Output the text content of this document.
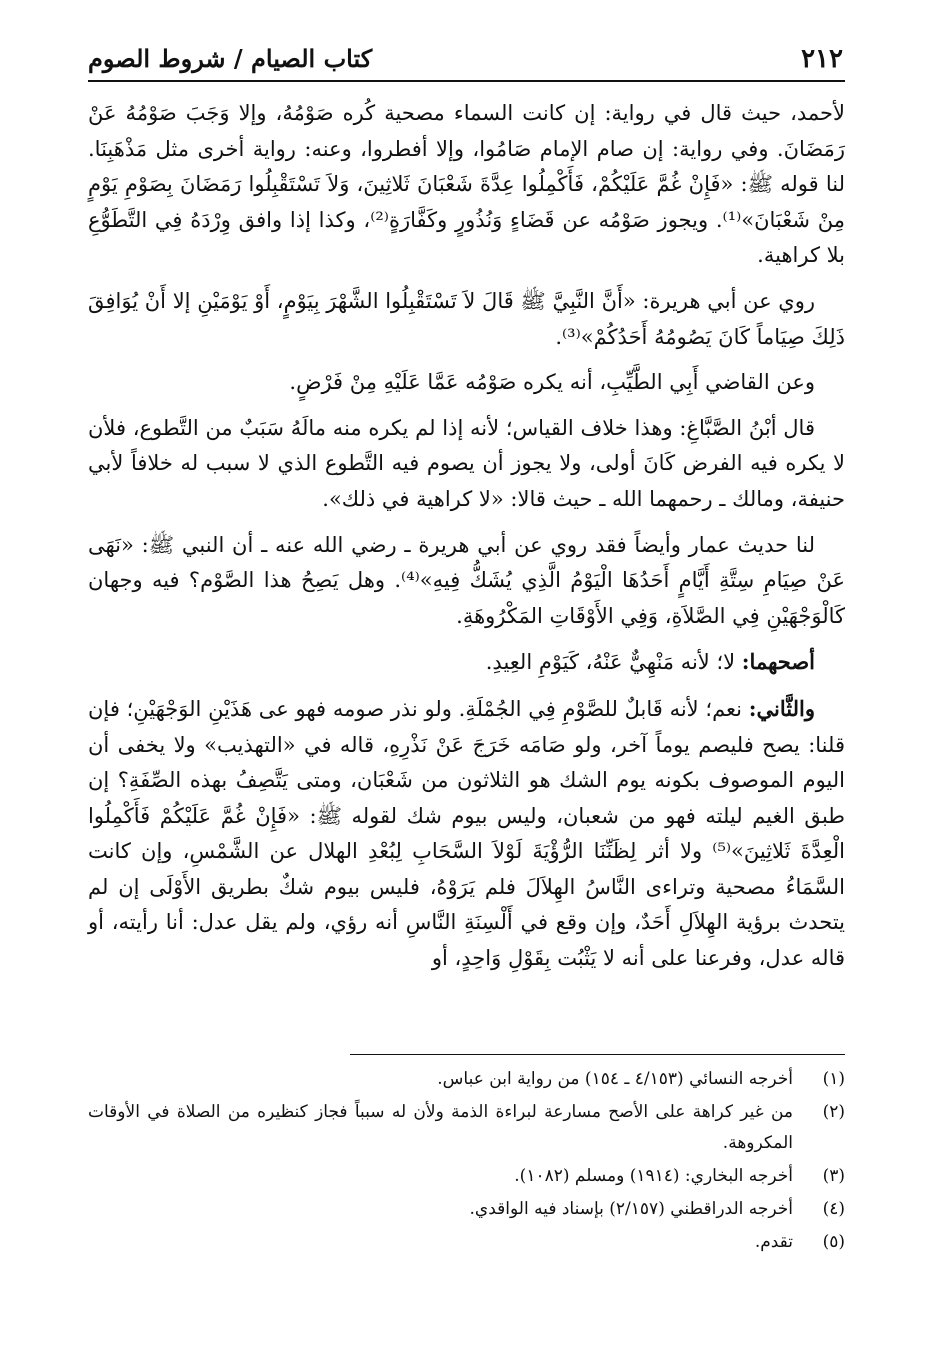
٢١٢
كتاب الصيام / شروط الصوم

لأحمد، حيث قال في رواية: إن كانت السماء مصحية كُره صَوْمُهُ، وإلا وَجَبَ صَوْمُهُ عَنْ رَمَضَانَ. وفي رواية: إن صام الإمام صَامُوا، وإلا أفطروا، وعنه: رواية أخرى مثل مَذْهَبِنَا. لنا قوله ﷺ: «فَإِنْ غُمَّ عَلَيْكُمْ، فَأَكْمِلُوا عِدَّةَ شَعْبَانَ ثَلاثِينَ، وَلاَ تَسْتَقْبِلُوا رَمَضَانَ بِصَوْمِ يَوْمٍ مِنْ شَعْبَانَ»⁽¹⁾. ويجوز صَوْمُه عن قَضَاءٍ وَنُذُورٍ وكَفَّارَةٍ⁽²⁾، وكذا إذا وافق وِرْدَهُ فِي التَّطَوُّعِ بلا كراهية.

روي عن أبي هريرة: «أَنَّ النَّبِيَّ ﷺ قَالَ لاَ تَسْتَقْبِلُوا الشَّهْرَ بِيَوْمٍ، أَوْ يَوْمَيْنِ إلا أَنْ يُوَافِقَ ذَلِكَ صِيَاماً كَانَ يَصُومُهُ أَحَدُكُمْ»⁽³⁾.

وعن القاضي أَبِي الطَّيِّبِ، أنه يكره صَوْمُه عَمَّا عَلَيْهِ مِنْ فَرْضٍ.

قال أبْنُ الصَّبَّاغِ: وهذا خلاف القياس؛ لأنه إذا لم يكره منه مالَهُ سَبَبٌ من التَّطوع، فلأن لا يكره فيه الفرض كَانَ أولى، ولا يجوز أن يصوم فيه التَّطوع الذي لا سبب له خلافاً لأبي حنيفة، ومالك ـ رحمهما الله ـ حيث قالا: «لا كراهية في ذلك».

لنا حديث عمار وأيضاً فقد روي عن أبي هريرة ـ رضي الله عنه ـ أن النبي ﷺ: «نَهَى عَنْ صِيَامِ سِتَّةِ أَيَّامٍ أَحَدُهَا الْيَوْمُ الَّذِي يُشَكُّ فِيهِ»⁽⁴⁾. وهل يَصِحُ هذا الصَّوْم؟ فيه وجهان كَالْوَجْهَيْنِ فِي الصَّلاَةِ، وَفِي الأَوْقَاتِ المَكْرُوهَةِ.

أصحهما: لا؛ لأنه مَنْهِيٌّ عَنْهُ، كَيَوْمِ العِيدِ.

والثَّاني: نعم؛ لأنه قَابلٌ للصَّوْمِ فِي الجُمْلَةِ. ولو نذر صومه فهو عى هَذَيْنِ الوَجْهَيْنِ؛ فإن قلنا: يصح فليصم يوماً آخر، ولو صَامَه خَرَجَ عَنْ نَذْرِهِ، قاله في «التهذيب» ولا يخفى أن اليوم الموصوف بكونه يوم الشك هو الثلاثون من شَعْبَان، ومتى يَتَّصِفُ بهذه الصِّفَةِ؟ إن طبق الغيم ليلته فهو من شعبان، وليس بيوم شك لقوله ﷺ: «فَإِنْ غُمَّ عَلَيْكُمْ فَأَكْمِلُوا الْعِدَّةَ ثَلاثِينَ»⁽⁵⁾ ولا أثر لِظَنِّنَا الرُّؤْيَةَ لَوْلاَ السَّحَابِ لِبُعْدِ الهلال عن الشَّمْسِ، وإن كانت السَّمَاءُ مصحية وتراءى النَّاسُ الهِلاَلَ فلم يَرَوْهُ، فليس بيوم شكٌ بطريق الأَوْلَى إن لم يتحدث برؤية الهِلاَلِ أَحَدٌ، وإن وقع في أَلْسِنَةِ النَّاسِ أنه رؤي، ولم يقل عدل: أنا رأيته، أو قاله عدل، وفرعنا على أنه لا يَثْبُت بِقَوْلِ وَاحِدٍ، أو

(١)
أخرجه النسائي (٤/١٥٣ ـ ١٥٤) من رواية ابن عباس.
(٢)
من غير كراهة على الأصح مسارعة لبراءة الذمة ولأن له سبباً فجاز كنظيره من الصلاة في الأوقات المكروهة.
(٣)
أخرجه البخاري: (١٩١٤) ومسلم (١٠٨٢).
(٤)
أخرجه الدراقطني (٢/١٥٧) بإسناد فيه الواقدي.
(٥)
تقدم.
